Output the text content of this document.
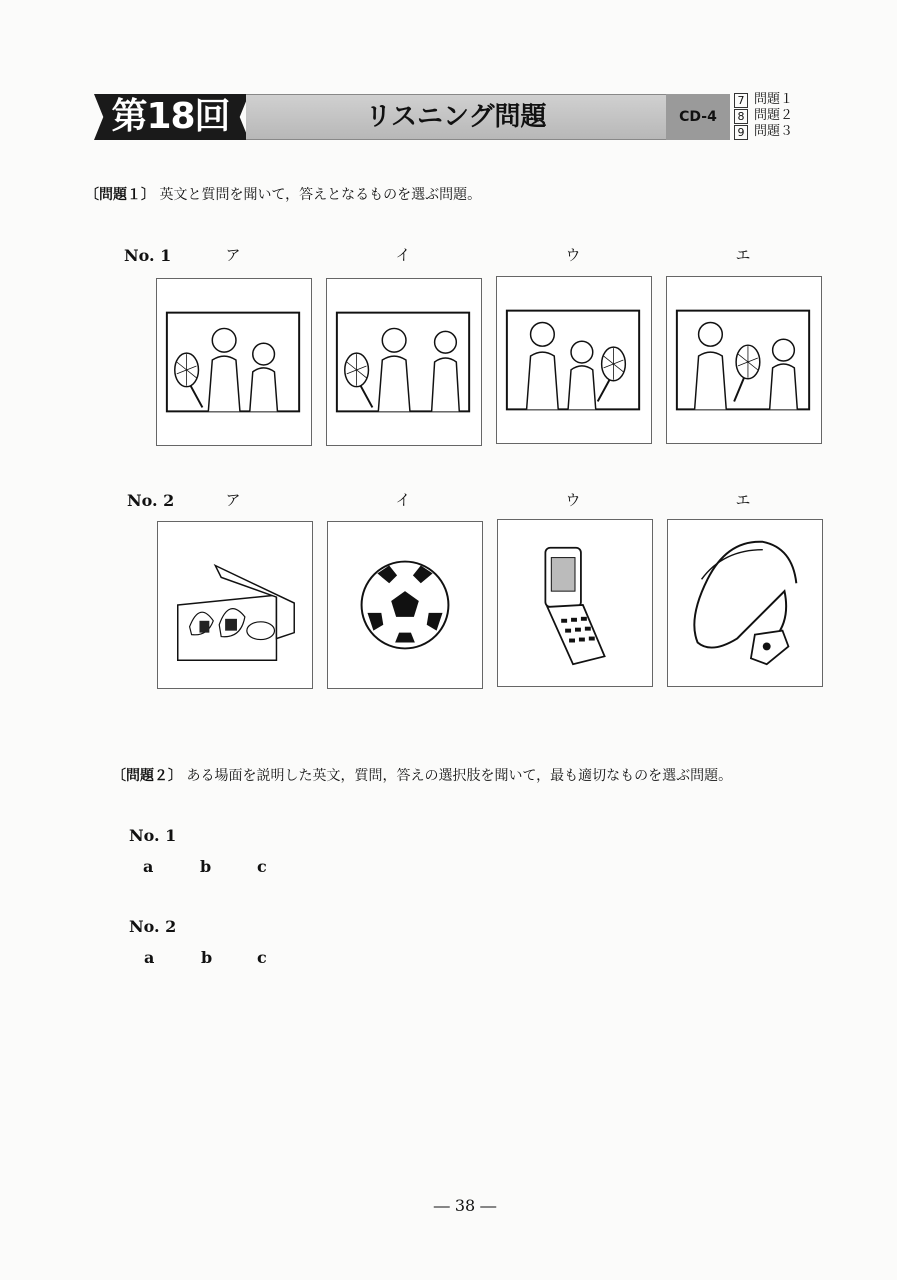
第18回	リスニング問題	CD-4
7 問題１
8 問題２
9 問題３
〔問題１〕 英文と質問を聞いて，答えとなるものを選ぶ問題。
No. 1	ア	イ	ウ	エ
No. 2	ア	イ	ウ	エ
〔問題２〕 ある場面を説明した英文，質問，答えの選択肢を聞いて，最も適切なものを選ぶ問題。
No. 1
a	b	c
No. 2
a	b	c
― 38 ―
